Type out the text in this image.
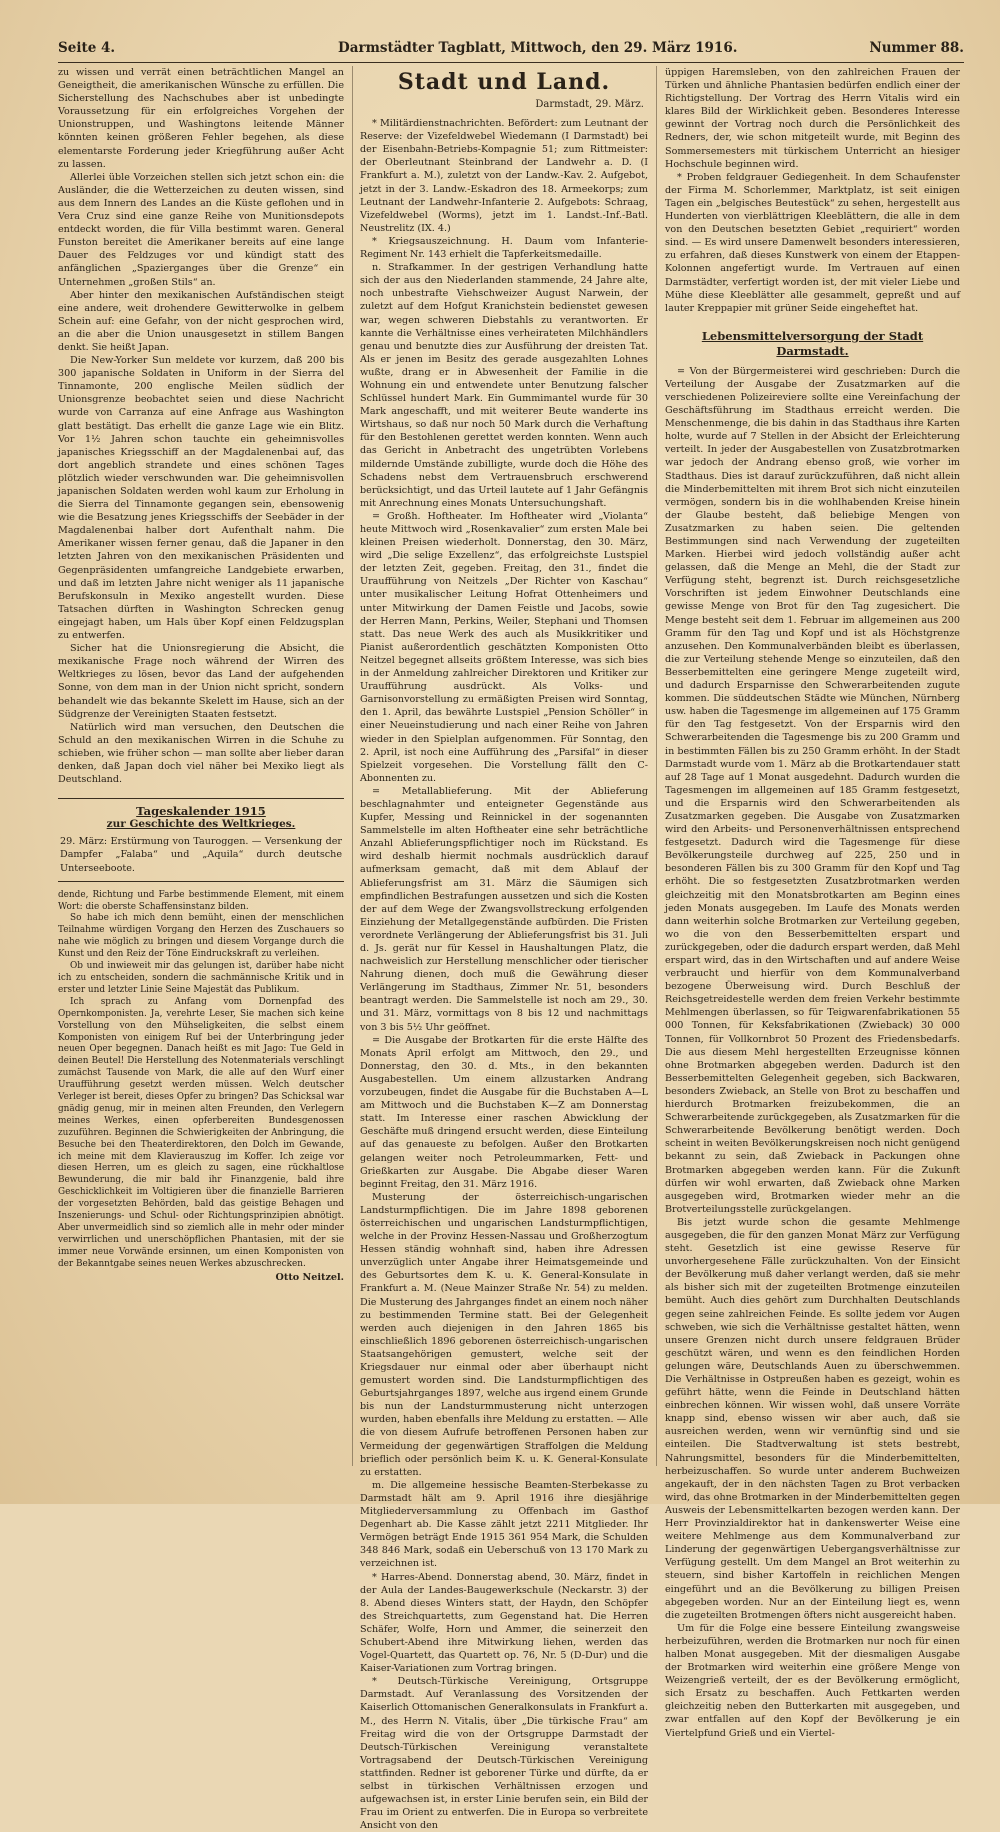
Seite 4.	Darmstädter Tagblatt, Mittwoch, den 29. März 1916.	Nummer 88.

zu wissen und verrät einen beträchtlichen Mangel an Geneigtheit, die amerikanischen Wünsche zu erfüllen. Die Sicherstellung des Nachschubes aber ist unbedingte Voraussetzung für ein erfolgreiches Vorgehen der Unionstruppen, und Washingtons leitende Männer könnten keinen größeren Fehler begehen, als diese elementarste Forderung jeder Kriegführung außer Acht zu lassen.

Allerlei üble Vorzeichen stellen sich jetzt schon ein: die Ausländer, die die Wetterzeichen zu deuten wissen, sind aus dem Innern des Landes an die Küste geflohen und in Vera Cruz sind eine ganze Reihe von Munitionsdepots entdeckt worden, die für Villa bestimmt waren. General Funston bereitet die Amerikaner bereits auf eine lange Dauer des Feldzuges vor und kündigt statt des anfänglichen „Spazierganges über die Grenze“ ein Unternehmen „großen Stils“ an.

Aber hinter den mexikanischen Aufständischen steigt eine andere, weit drohendere Gewitterwolke in gelbem Schein auf: eine Gefahr, von der nicht gesprochen wird, an die aber die Union unausgesetzt in stillem Bangen denkt. Sie heißt Japan.

Die New-Yorker Sun meldete vor kurzem, daß 200 bis 300 japanische Soldaten in Uniform in der Sierra del Tinnamonte, 200 englische Meilen südlich der Unionsgrenze beobachtet seien und diese Nachricht wurde von Carranza auf eine Anfrage aus Washington glatt bestätigt. Das erhellt die ganze Lage wie ein Blitz. Vor 1½ Jahren schon tauchte ein geheimnisvolles japanisches Kriegsschiff an der Magdalenenbai auf, das dort angeblich strandete und eines schönen Tages plötzlich wieder verschwunden war. Die geheimnisvollen japanischen Soldaten werden wohl kaum zur Erholung in die Sierra del Tinnamonte gegangen sein, ebensowenig wie die Besatzung jenes Kriegsschiffs der Seebäder in der Magdalenenbai halber dort Aufenthalt nahm. Die Amerikaner wissen ferner genau, daß die Japaner in den letzten Jahren von den mexikanischen Präsidenten und Gegenpräsidenten umfangreiche Landgebiete erwarben, und daß im letzten Jahre nicht weniger als 11 japanische Berufskonsuln in Mexiko angestellt wurden. Diese Tatsachen dürften in Washington Schrecken genug eingejagt haben, um Hals über Kopf einen Feldzugsplan zu entwerfen.

Sicher hat die Unionsregierung die Absicht, die mexikanische Frage noch während der Wirren des Weltkrieges zu lösen, bevor das Land der aufgehenden Sonne, von dem man in der Union nicht spricht, sondern behandelt wie das bekannte Skelett im Hause, sich an der Südgrenze der Vereinigten Staaten festsetzt.

Natürlich wird man versuchen, den Deutschen die Schuld an den mexikanischen Wirren in die Schuhe zu schieben, wie früher schon — man sollte aber lieber daran denken, daß Japan doch viel näher bei Mexiko liegt als Deutschland.

Tageskalender 1915
zur Geschichte des Weltkrieges.
29. März: Erstürmung von Tauroggen. — Versenkung der Dampfer „Falaba“ und „Aquila“ durch deutsche Unterseeboote.

dende, Richtung und Farbe bestimmende Element, mit einem Wort: die oberste Schaffensinstanz bilden.

So habe ich mich denn bemüht, einen der menschlichen Teilnahme würdigen Vorgang den Herzen des Zuschauers so nahe wie möglich zu bringen und diesem Vorgange durch die Kunst und den Reiz der Töne Eindruckskraft zu verleihen.

Ob und inwieweit mir das gelungen ist, darüber habe nicht ich zu entscheiden, sondern die sachmännische Kritik und in erster und letzter Linie Seine Majestät das Publikum.

Ich sprach zu Anfang vom Dornenpfad des Opernkomponisten. Ja, verehrte Leser, Sie machen sich keine Vorstellung von den Mühseligkeiten, die selbst einem Komponisten von einigem Ruf bei der Unterbringung jeder neuen Oper begegnen. Danach heißt es mit Jago: Tue Geld in deinen Beutel! Die Herstellung des Notenmaterials verschlingt zumächst Tausende von Mark, die alle auf den Wurf einer Uraufführung gesetzt werden müssen. Welch deutscher Verleger ist bereit, dieses Opfer zu bringen? Das Schicksal war gnädig genug, mir in meinen alten Freunden, den Verlegern meines Werkes, einen opferbereiten Bundesgenossen zuzuführen. Beginnen die Schwierigkeiten der Anbringung, die Besuche bei den Theaterdirektoren, den Dolch im Gewande, ich meine mit dem Klavierauszug im Koffer. Ich zeige vor diesen Herren, um es gleich zu sagen, eine rückhaltlose Bewunderung, die mir bald ihr Finanzgenie, bald ihre Geschicklichkeit im Voltigieren über die finanzielle Barrieren der vorgesetzten Behörden, bald das geistige Behagen und Inszenierungs- und Schul- oder Richtungsprinzipien abnötigt. Aber unvermeidlich sind so ziemlich alle in mehr oder minder verwirrlichen und unerschöpflichen Phantasien, mit der sie immer neue Vorwände ersinnen, um einen Komponisten von der Bekanntgabe seines neuen Werkes abzuschrecken.

Otto Neitzel.
Stadt und Land.
Darmstadt, 29. März.

* Militärdienstnachrichten. Befördert: zum Leutnant der Reserve: der Vizefeldwebel Wiedemann (I Darmstadt) bei der Eisenbahn-Betriebs-Kompagnie 51; zum Rittmeister: der Oberleutnant Steinbrand der Landwehr a. D. (I Frankfurt a. M.), zuletzt von der Landw.-Kav. 2. Aufgebot, jetzt in der 3. Landw.-Eskadron des 18. Armeekorps; zum Leutnant der Landwehr-Infanterie 2. Aufgebots: Schraag, Vizefeldwebel (Worms), jetzt im 1. Landst.-Inf.-Batl. Neustrelitz (IX. 4.)

* Kriegsauszeichnung. H. Daum vom Infanterie-Regiment Nr. 143 erhielt die Tapferkeitsmedaille.

n. Strafkammer. In der gestrigen Verhandlung hatte sich der aus den Niederlanden stammende, 24 Jahre alte, noch unbestrafte Viehschweizer August Narwein, der zuletzt auf dem Hofgut Kranichstein bedienstet gewesen war, wegen schweren Diebstahls zu verantworten. Er kannte die Verhältnisse eines verheirateten Milchhändlers genau und benutzte dies zur Ausführung der dreisten Tat. Als er jenen im Besitz des gerade ausgezahlten Lohnes wußte, drang er in Abwesenheit der Familie in die Wohnung ein und entwendete unter Benutzung falscher Schlüssel hundert Mark. Ein Gummimantel wurde für 30 Mark angeschafft, und mit weiterer Beute wanderte ins Wirtshaus, so daß nur noch 50 Mark durch die Verhaftung für den Bestohlenen gerettet werden konnten. Wenn auch das Gericht in Anbetracht des ungetrübten Vorlebens mildernde Umstände zubilligte, wurde doch die Höhe des Schadens nebst dem Vertrauensbruch erschwerend berücksichtigt, und das Urteil lautete auf 1 Jahr Gefängnis mit Anrechnung eines Monats Untersuchungshaft.

= Großh. Hoftheater. Im Hoftheater wird „Violanta“ heute Mittwoch wird „Rosenkavalier“ zum ersten Male bei kleinen Preisen wiederholt. Donnerstag, den 30. März, wird „Die selige Exzellenz“, das erfolgreichste Lustspiel der letzten Zeit, gegeben. Freitag, den 31., findet die Uraufführung von Neitzels „Der Richter von Kaschau“ unter musikalischer Leitung Hofrat Ottenheimers und unter Mitwirkung der Damen Feistle und Jacobs, sowie der Herren Mann, Perkins, Weiler, Stephani und Thomsen statt. Das neue Werk des auch als Musikkritiker und Pianist außerordentlich geschätzten Komponisten Otto Neitzel begegnet allseits größtem Interesse, was sich bies in der Anmeldung zahlreicher Direktoren und Kritiker zur Uraufführung ausdrückt. Als Volks- und Garnisonvorstellung zu ermäßigten Preisen wird Sonntag, den 1. April, das bewährte Lustspiel „Pension Schöller“ in einer Neueinstudierung und nach einer Reihe von Jahren wieder in den Spielplan aufgenommen. Für Sonntag, den 2. April, ist noch eine Aufführung des „Parsifal“ in dieser Spielzeit vorgesehen. Die Vorstellung fällt den C-Abonnenten zu.

= Metallablieferung. Mit der Ablieferung beschlagnahmter und enteigneter Gegenstände aus Kupfer, Messing und Reinnickel in der sogenannten Sammelstelle im alten Hoftheater eine sehr beträchtliche Anzahl Ablieferungspflichtiger noch im Rückstand. Es wird deshalb hiermit nochmals ausdrücklich darauf aufmerksam gemacht, daß mit dem Ablauf der Ablieferungsfrist am 31. März die Säumigen sich empfindlichen Bestrafungen aussetzen und sich die Kosten der auf dem Wege der Zwangsvollstreckung erfolgenden Einziehung der Metallgegenstände aufbürden. Die Fristen verordnete Verlängerung der Ablieferungsfrist bis 31. Juli d. Js. gerät nur für Kessel in Haushaltungen Platz, die nachweislich zur Herstellung menschlicher oder tierischer Nahrung dienen, doch muß die Gewährung dieser Verlängerung im Stadthaus, Zimmer Nr. 51, besonders beantragt werden. Die Sammelstelle ist noch am 29., 30. und 31. März, vormittags von 8 bis 12 und nachmittags von 3 bis 5½ Uhr geöffnet.

= Die Ausgabe der Brotkarten für die erste Hälfte des Monats April erfolgt am Mittwoch, den 29., und Donnerstag, den 30. d. Mts., in den bekannten Ausgabestellen. Um einem allzustarken Andrang vorzubeugen, findet die Ausgabe für die Buchstaben A—L am Mittwoch und die Buchstaben K—Z am Donnerstag statt. Im Interesse einer raschen Abwicklung der Geschäfte muß dringend ersucht werden, diese Einteilung auf das genaueste zu befolgen. Außer den Brotkarten gelangen weiter noch Petroleummarken, Fett- und Grießkarten zur Ausgabe. Die Abgabe dieser Waren beginnt Freitag, den 31. März 1916.

Musterung der österreichisch-ungarischen Landsturmpflichtigen. Die im Jahre 1898 geborenen österreichischen und ungarischen Landsturmpflichtigen, welche in der Provinz Hessen-Nassau und Großherzogtum Hessen ständig wohnhaft sind, haben ihre Adressen unverzüglich unter Angabe ihrer Heimatsgemeinde und des Geburtsortes dem K. u. K. General-Konsulate in Frankfurt a. M. (Neue Mainzer Straße Nr. 54) zu melden. Die Musterung des Jahrganges findet an einem noch näher zu bestimmenden Termine statt. Bei der Gelegenheit werden auch diejenigen in den Jahren 1865 bis einschließlich 1896 geborenen österreichisch-ungarischen Staatsangehörigen gemustert, welche seit der Kriegsdauer nur einmal oder aber überhaupt nicht gemustert worden sind. Die Landsturmpflichtigen des Geburtsjahrganges 1897, welche aus irgend einem Grunde bis nun der Landsturmmusterung nicht unterzogen wurden, haben ebenfalls ihre Meldung zu erstatten. — Alle die von diesem Aufrufe betroffenen Personen haben zur Vermeidung der gegenwärtigen Straffolgen die Meldung brieflich oder persönlich beim K. u. K. General-Konsulate zu erstatten.

m. Die allgemeine hessische Beamten-Sterbekasse zu Darmstadt hält am 9. April 1916 ihre diesjährige Mitgliederversammlung zu Offenbach im Gasthof Degenhart ab. Die Kasse zählt jetzt 2211 Mitglieder. Ihr Vermögen beträgt Ende 1915 361 954 Mark, die Schulden 348 846 Mark, sodaß ein Ueberschuß von 13 170 Mark zu verzeichnen ist.

* Harres-Abend. Donnerstag abend, 30. März, findet in der Aula der Landes-Baugewerkschule (Neckarstr. 3) der 8. Abend dieses Winters statt, der Haydn, den Schöpfer des Streichquartetts, zum Gegenstand hat. Die Herren Schäfer, Wolfe, Horn und Ammer, die seinerzeit den Schubert-Abend ihre Mitwirkung liehen, werden das Vogel-Quartett, das Quartett op. 76, Nr. 5 (D-Dur) und die Kaiser-Variationen zum Vortrag bringen.

* Deutsch-Türkische Vereinigung, Ortsgruppe Darmstadt. Auf Veranlassung des Vorsitzenden der Kaiserlich Ottomanischen Generalkonsulats in Frankfurt a. M., des Herrn N. Vitalis, über „Die türkische Frau“ am Freitag wird die von der Ortsgruppe Darmstadt der Deutsch-Türkischen Vereinigung veranstaltete Vortragsabend der Deutsch-Türkischen Vereinigung stattfinden. Redner ist geborener Türke und dürfte, da er selbst in türkischen Verhältnissen erzogen und aufgewachsen ist, in erster Linie berufen sein, ein Bild der Frau im Orient zu entwerfen. Die in Europa so verbreitete Ansicht von den

üppigen Haremsleben, von den zahlreichen Frauen der Türken und ähnliche Phantasien bedürfen endlich einer der Richtigstellung. Der Vortrag des Herrn Vitalis wird ein klares Bild der Wirklichkeit geben. Besonderes Interesse gewinnt der Vortrag noch durch die Persönlichkeit des Redners, der, wie schon mitgeteilt wurde, mit Beginn des Sommersemesters mit türkischem Unterricht an hiesiger Hochschule beginnen wird.

* Proben feldgrauer Gediegenheit. In dem Schaufenster der Firma M. Schorlemmer, Marktplatz, ist seit einigen Tagen ein „belgisches Beutestück“ zu sehen, hergestellt aus Hunderten von vierblättrigen Kleeblättern, die alle in dem von den Deutschen besetzten Gebiet „requiriert“ worden sind. — Es wird unsere Damenwelt besonders interessieren, zu erfahren, daß dieses Kunstwerk von einem der Etappen-Kolonnen angefertigt wurde. Im Vertrauen auf einen Darmstädter, verfertigt worden ist, der mit vieler Liebe und Mühe diese Kleeblätter alle gesammelt, gepreßt und auf lauter Kreppapier mit grüner Seide eingeheftet hat.

Lebensmittelversorgung der Stadt Darmstadt.

= Von der Bürgermeisterei wird geschrieben: Durch die Verteilung der Ausgabe der Zusatzmarken auf die verschiedenen Polizeireviere sollte eine Vereinfachung der Geschäftsführung im Stadthaus erreicht werden. Die Menschenmenge, die bis dahin in das Stadthaus ihre Karten holte, wurde auf 7 Stellen in der Absicht der Erleichterung verteilt. In jeder der Ausgabestellen von Zusatzbrotmarken war jedoch der Andrang ebenso groß, wie vorher im Stadthaus. Dies ist darauf zurückzuführen, daß nicht allein die Minderbemittelten mit ihrem Brot sich nicht einzuteilen vermögen, sondern bis in die wohlhabenden Kreise hinein der Glaube besteht, daß beliebige Mengen von Zusatzmarken zu haben seien. Die geltenden Bestimmungen sind nach Verwendung der zugeteilten Marken. Hierbei wird jedoch vollständig außer acht gelassen, daß die Menge an Mehl, die der Stadt zur Verfügung steht, begrenzt ist. Durch reichsgesetzliche Vorschriften ist jedem Einwohner Deutschlands eine gewisse Menge von Brot für den Tag zugesichert. Die Menge besteht seit dem 1. Februar im allgemeinen aus 200 Gramm für den Tag und Kopf und ist als Höchstgrenze anzusehen. Den Kommunalverbänden bleibt es überlassen, die zur Verteilung stehende Menge so einzuteilen, daß den Besserbemittelten eine geringere Menge zugeteilt wird, und dadurch Ersparnisse den Schwerarbeitenden zugute kommen. Die süddeutschen Städte wie München, Nürnberg usw. haben die Tagesmenge im allgemeinen auf 175 Gramm für den Tag festgesetzt. Von der Ersparnis wird den Schwerarbeitenden die Tagesmenge bis zu 200 Gramm und in bestimmten Fällen bis zu 250 Gramm erhöht. In der Stadt Darmstadt wurde vom 1. März ab die Brotkartendauer statt auf 28 Tage auf 1 Monat ausgedehnt. Dadurch wurden die Tagesmengen im allgemeinen auf 185 Gramm festgesetzt, und die Ersparnis wird den Schwerarbeitenden als Zusatzmarken gegeben. Die Ausgabe von Zusatzmarken wird den Arbeits- und Personenverhältnissen entsprechend festgesetzt. Dadurch wird die Tagesmenge für diese Bevölkerungsteile durchweg auf 225, 250 und in besonderen Fällen bis zu 300 Gramm für den Kopf und Tag erhöht. Die so festgesetzten Zusatzbrotmarken werden gleichzeitig mit den Monatsbrotkarten am Beginn eines jeden Monats ausgegeben. Im Laufe des Monats werden dann weiterhin solche Brotmarken zur Verteilung gegeben, wo die von den Besserbemittelten erspart und zurückgegeben, oder die dadurch erspart werden, daß Mehl erspart wird, das in den Wirtschaften und auf andere Weise verbraucht und hierfür von dem Kommunalverband bezogene Überweisung wird. Durch Beschluß der Reichsgetreidestelle werden dem freien Verkehr bestimmte Mehlmengen überlassen, so für Teigwarenfabrikationen 55 000 Tonnen, für Keksfabrikationen (Zwieback) 30 000 Tonnen, für Vollkornbrot 50 Prozent des Friedensbedarfs. Die aus diesem Mehl hergestellten Erzeugnisse können ohne Brotmarken abgegeben werden. Dadurch ist den Besserbemittelten Gelegenheit gegeben, sich Backwaren, besonders Zwieback, an Stelle von Brot zu beschaffen und hierdurch Brotmarken freizubekommen, die an Schwerarbeitende zurückgegeben, als Zusatzmarken für die Schwerarbeitende Bevölkerung benötigt werden. Doch scheint in weiten Bevölkerungskreisen noch nicht genügend bekannt zu sein, daß Zwieback in Packungen ohne Brotmarken abgegeben werden kann. Für die Zukunft dürfen wir wohl erwarten, daß Zwieback ohne Marken ausgegeben wird, Brotmarken wieder mehr an die Brotverteilungsstelle zurückgelangen.

Bis jetzt wurde schon die gesamte Mehlmenge ausgegeben, die für den ganzen Monat März zur Verfügung steht. Gesetzlich ist eine gewisse Reserve für unvorhergesehene Fälle zurückzuhalten. Von der Einsicht der Bevölkerung muß daher verlangt werden, daß sie mehr als bisher sich mit der zugeteilten Brotmenge einzuteilen bemüht. Auch dies gehört zum Durchhalten Deutschlands gegen seine zahlreichen Feinde. Es sollte jedem vor Augen schweben, wie sich die Verhältnisse gestaltet hätten, wenn unsere Grenzen nicht durch unsere feldgrauen Brüder geschützt wären, und wenn es den feindlichen Horden gelungen wäre, Deutschlands Auen zu überschwemmen. Die Verhältnisse in Ostpreußen haben es gezeigt, wohin es geführt hätte, wenn die Feinde in Deutschland hätten einbrechen können. Wir wissen wohl, daß unsere Vorräte knapp sind, ebenso wissen wir aber auch, daß sie ausreichen werden, wenn wir vernünftig sind und sie einteilen. Die Stadtverwaltung ist stets bestrebt, Nahrungsmittel, besonders für die Minderbemittelten, herbeizuschaffen. So wurde unter anderem Buchweizen angekauft, der in den nächsten Tagen zu Brot verbacken wird, das ohne Brotmarken in der Minderbemittelten gegen Ausweis der Lebensmittelkarten bezogen werden kann. Der Herr Provinzialdirektor hat in dankenswerter Weise eine weitere Mehlmenge aus dem Kommunalverband zur Linderung der gegenwärtigen Uebergangsverhältnisse zur Verfügung gestellt. Um dem Mangel an Brot weiterhin zu steuern, sind bisher Kartoffeln in reichlichen Mengen eingeführt und an die Bevölkerung zu billigen Preisen abgegeben worden. Nur an der Einteilung liegt es, wenn die zugeteilten Brotmengen öfters nicht ausgereicht haben.

Um für die Folge eine bessere Einteilung zwangsweise herbeizuführen, werden die Brotmarken nur noch für einen halben Monat ausgegeben. Mit der diesmaligen Ausgabe der Brotmarken wird weiterhin eine größere Menge von Weizengrieß verteilt, der es der Bevölkerung ermöglicht, sich Ersatz zu beschaffen. Auch Fettkarten werden gleichzeitig neben den Butterkarten mit ausgegeben, und zwar entfallen auf den Kopf der Bevölkerung je ein Viertelpfund Grieß und ein Viertel-
